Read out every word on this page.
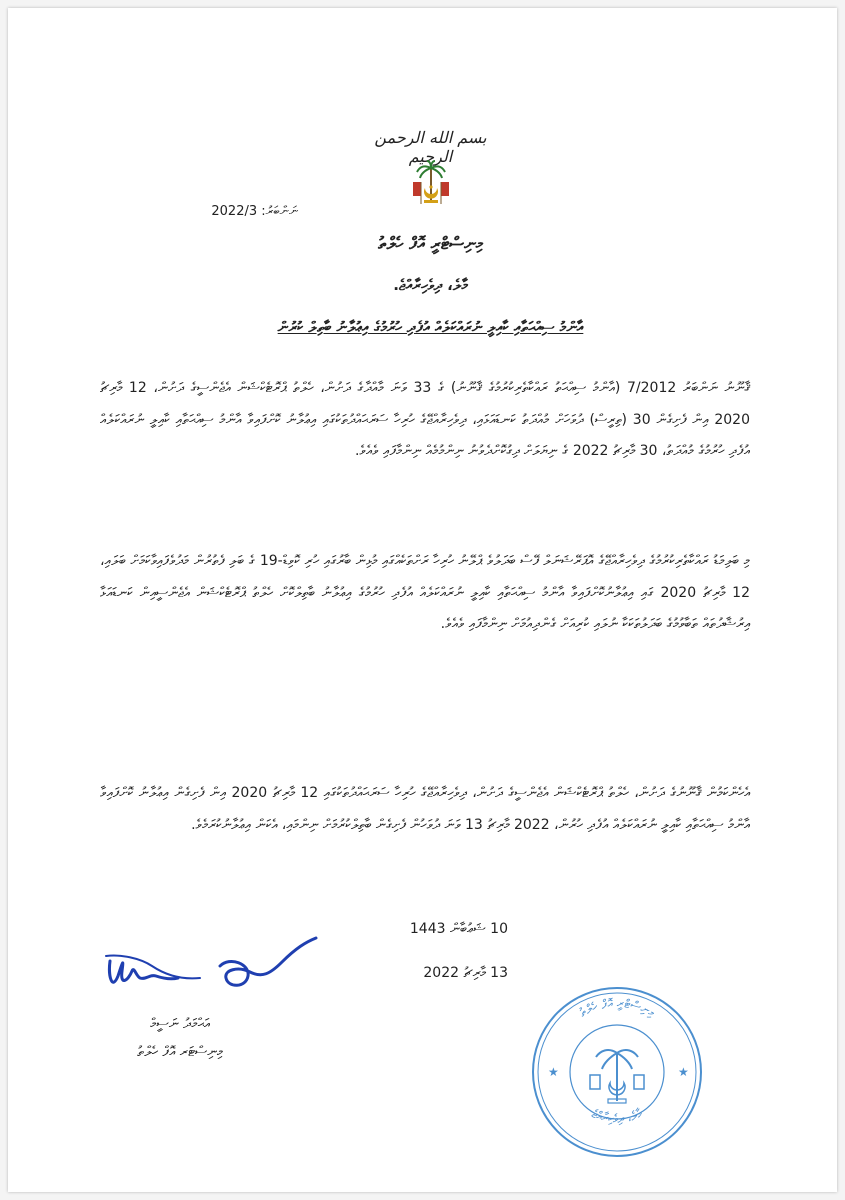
بسم الله الرحمن الرحيم
ނަންބަރު: 2022/3
މިނިސްޓްރީ އޮފް ހެލްތު
މާލެ، ދިވެހިރާއްޖެ.
އާންމު ސިއްޙަތާއި ކާއިލީ ނުރައްކަލެއް އުފެދި ހުރުމުގެ އިޢުލާނު ބާތިލް ކުރުން
ޤާނޫނު ނަންބަރު 7/2012 (އާންމު ސިއްޙަތު ރައްކާތެރިކުރުމުގެ ޤާނޫނު) ގެ 33 ވަނަ މާއްދާގެ ދަށުން، ހެލްތު ޕްރޮޓެކްޝަން އެޖެންސީގެ ދަށުން، 12 މާރިޗު 2020 އިން ފެށިގެން 30 (ތިރީސް) ދުވަހަށް މުއްދަތު ކަނޑައަޅައި، ދިވެހިރާއްޖޭގެ ހުރިހާ ސަރަޙައްދުތަކުގައި އިޢުލާނު ކޮށްފައިވާ އާންމު ސިއްޙަތާއި ކާއިލީ ނުރައްކަލެއް އުފެދި ހުރުމުގެ މުއްދަތު، 30 މާރިޗު 2022 ގެ ނިޔަލަށް ދިގުކޮށްދެވުނު ނިންމުމެއް ނިންމާފައި ވެއެވެ.
މި ބަލިމަޑު ރައްކާތެރިކުރުމުގެ ދިވެހިރާއްޖޭގެ އޮޕަރޭޝަނަލް ފޭސް ބަދަލުވެ ޕްލޭނު ހުރިހާ ރަށްތަކެއްގައި މުޅިން ބާރުގައި ހުރި ކޮވިޑް-19 ގެ ބަލި ފެތުރުން މަދުވެފައިވާކަމަށް ބަލައި، 12 މާރިޗު 2020 ގައި އިޢުލާނުކޮށްފައިވާ އާންމު ސިއްޙަތާއި ކާއިލީ ނުރައްކަލެއް އުފެދި ހުރުމުގެ އިޢުލާނު ބާތިލްކޮށް ހެލްތު ޕްރޮޓެކްޝަން އެޖެންސީއިން ކަނޑައަޅާ އިރުޝާދުތައް ތަބާވުމުގެ ބަދަލުތަކަކާ ނުލައި ކުރިއަށް ގެންދިއުމަށް ނިންމާފައި ވެއެވެ.
އެހެންކަމުން ޤާނޫނުގެ ދަށުން، ހެލްތު ޕްރޮޓެކްޝަން އެޖެންސީގެ ދަށުން، ދިވެހިރާއްޖޭގެ ހުރިހާ ސަރަޙައްދުތަކުގައި 12 މާރިޗު 2020 އިން ފެށިގެން އިޢުލާނު ކޮށްފައިވާ އާންމު ސިއްޙަތާއި ކާއިލީ ނުރައްކަލެއް އުފެދި ހުރުން، 2022 މާރިޗު 13 ވަނަ ދުވަހުން ފެށިގެން ބާތިލްކުރުމަށް ނިންމައި، އެކަން އިޢުލާނުކުރަމެވެ.
10 ޝަޢުބާން 1443
13 މާރިޗު 2022
އަޙްމަދު ނަސީމް
މިނިސްޓަރ އޮފް ހެލްތު
މިނިސްޓްރީ އޮފް ހެލްތު
މާލެ، ދިވެހިރާއްޖެ
★	★
